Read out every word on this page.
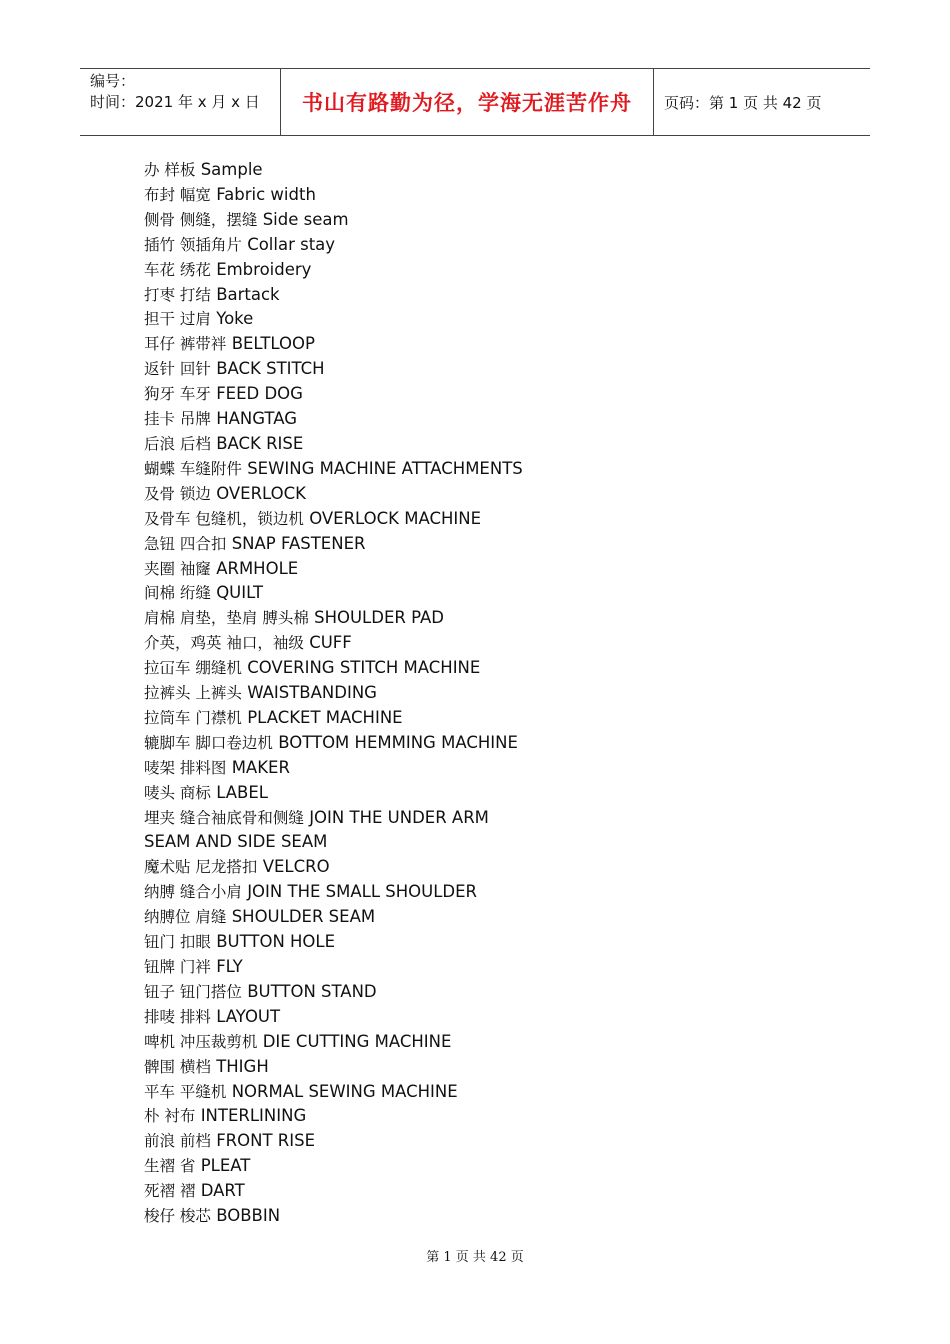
编号：
时间：2021 年 x 月 x 日	书山有路勤为径，学海无涯苦作舟 页码：第 1 页 共 42 页
办 样板 Sample
布封 幅宽 Fabric width
侧骨 侧缝，摆缝 Side seam
插竹 领插角片 Collar stay
车花 绣花 Embroidery
打枣 打结 Bartack
担干 过肩 Yoke
耳仔 裤带袢 BELTLOOP
返针 回针 BACK STITCH
狗牙 车牙 FEED DOG
挂卡 吊牌 HANGTAG
后浪 后档 BACK RISE
蝴蝶 车缝附件 SEWING MACHINE ATTACHMENTS
及骨 锁边 OVERLOCK
及骨车 包缝机，锁边机 OVERLOCK MACHINE
急钮 四合扣 SNAP FASTENER
夹圈 袖窿 ARMHOLE
间棉 绗缝 QUILT
肩棉 肩垫，垫肩 膊头棉 SHOULDER PAD
介英，鸡英 袖口，袖级 CUFF
拉冚车 绷缝机 COVERING STITCH MACHINE
拉裤头 上裤头 WAISTBANDING
拉筒车 门襟机 PLACKET MACHINE
辘脚车 脚口卷边机 BOTTOM HEMMING MACHINE
唛架 排料图 MAKER
唛头 商标 LABEL
埋夹 缝合袖底骨和侧缝 JOIN THE UNDER ARM
SEAM AND SIDE SEAM
魔术贴 尼龙搭扣 VELCRO
纳膊 缝合小肩 JOIN THE SMALL SHOULDER
纳膊位 肩缝 SHOULDER SEAM
钮门 扣眼 BUTTON HOLE
钮牌 门袢 FLY
钮子 钮门搭位 BUTTON STAND
排唛 排料 LAYOUT
啤机 冲压裁剪机 DIE CUTTING MACHINE
髀围 横档 THIGH
平车 平缝机 NORMAL SEWING MACHINE
朴 衬布 INTERLINING
前浪 前档 FRONT RISE
生褶 省 PLEAT
死褶 褶 DART
梭仔 梭芯 BOBBIN
第 1 页 共 42 页
